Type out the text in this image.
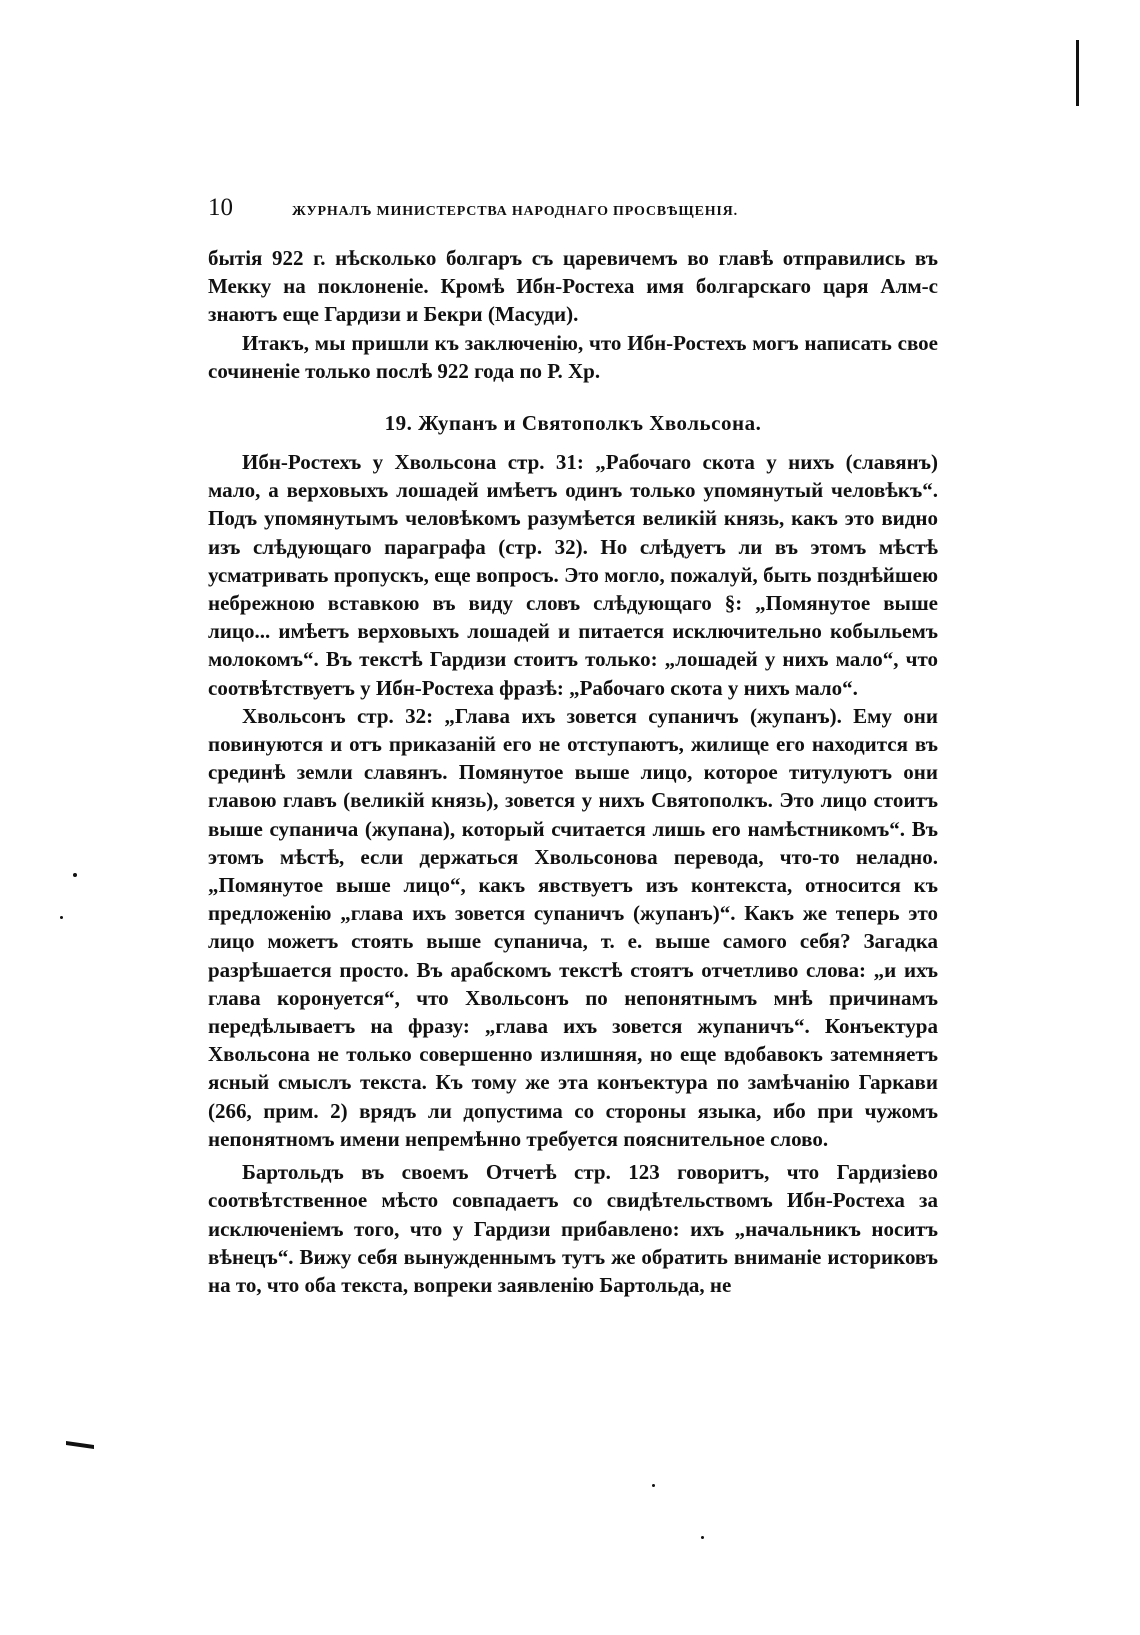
10	ЖУРНАЛЪ МИНИСТЕРСТВА НАРОДНАГО ПРОСВѢЩЕНІЯ.

бытія 922 г. нѣсколько болгаръ съ царевичемъ во главѣ отправились въ Мекку на поклоненіе. Кромѣ Ибн-Ростеха имя болгарскаго царя Алм-с знаютъ еще Гардизи и Бекри (Масуди).

Итакъ, мы пришли къ заключенію, что Ибн-Ростехъ могъ написать свое сочиненіе только послѣ 922 года по Р. Хр.

19. Жупанъ и Святополкъ Хвольсона.

Ибн-Ростехъ у Хвольсона стр. 31: „Рабочаго скота у нихъ (славянъ) мало, а верховыхъ лошадей имѣетъ одинъ только упомянутый человѣкъ“. Подъ упомянутымъ человѣкомъ разумѣется великій князь, какъ это видно изъ слѣдующаго параграфа (стр. 32). Но слѣдуетъ ли въ этомъ мѣстѣ усматривать пропускъ, еще вопросъ. Это могло, пожалуй, быть позднѣйшею небрежною вставкою въ виду словъ слѣдующаго §: „Помянутое выше лицо... имѣетъ верховыхъ лошадей и питается исключительно кобыльемъ молокомъ“. Въ текстѣ Гардизи стоитъ только: „лошадей у нихъ мало“, что соотвѣтствуетъ у Ибн-Ростеха фразѣ: „Рабочаго скота у нихъ мало“.

Хвольсонъ стр. 32: „Глава ихъ зовется супаничъ (жупанъ). Ему они повинуются и отъ приказаній его не отступаютъ, жилище его находится въ срединѣ земли славянъ. Помянутое выше лицо, которое титулуютъ они главою главъ (великій князь), зовется у нихъ Святополкъ. Это лицо стоитъ выше супанича (жупана), который считается лишь его намѣстникомъ“. Въ этомъ мѣстѣ, если держаться Хвольсонова перевода, что-то неладно. „Помянутое выше лицо“, какъ явствуетъ изъ контекста, относится къ предложенію „глава ихъ зовется супаничъ (жупанъ)“. Какъ же теперь это лицо можетъ стоять выше супанича, т. е. выше самого себя? Загадка разрѣшается просто. Въ арабскомъ текстѣ стоятъ отчетливо слова: „и ихъ глава коронуется“, что Хвольсонъ по непонятнымъ мнѣ причинамъ передѣлываетъ на фразу: „глава ихъ зовется жупаничъ“. Конъектура Хвольсона не только совершенно излишняя, но еще вдобавокъ затемняетъ ясный смыслъ текста. Къ тому же эта конъектура по замѣчанію Гаркави (266, прим. 2) врядъ ли допустима со стороны языка, ибо при чужомъ непонятномъ имени непремѣнно требуется пояснительное слово.

Бартольдъ въ своемъ Отчетѣ стр. 123 говоритъ, что Гардизіево соотвѣтственное мѣсто совпадаетъ со свидѣтельствомъ Ибн-Ростеха за исключеніемъ того, что у Гардизи прибавлено: ихъ „начальникъ носитъ вѣнецъ“. Вижу себя вынужденнымъ тутъ же обратить вниманіе историковъ на то, что оба текста, вопреки заявленію Бартольда, не
